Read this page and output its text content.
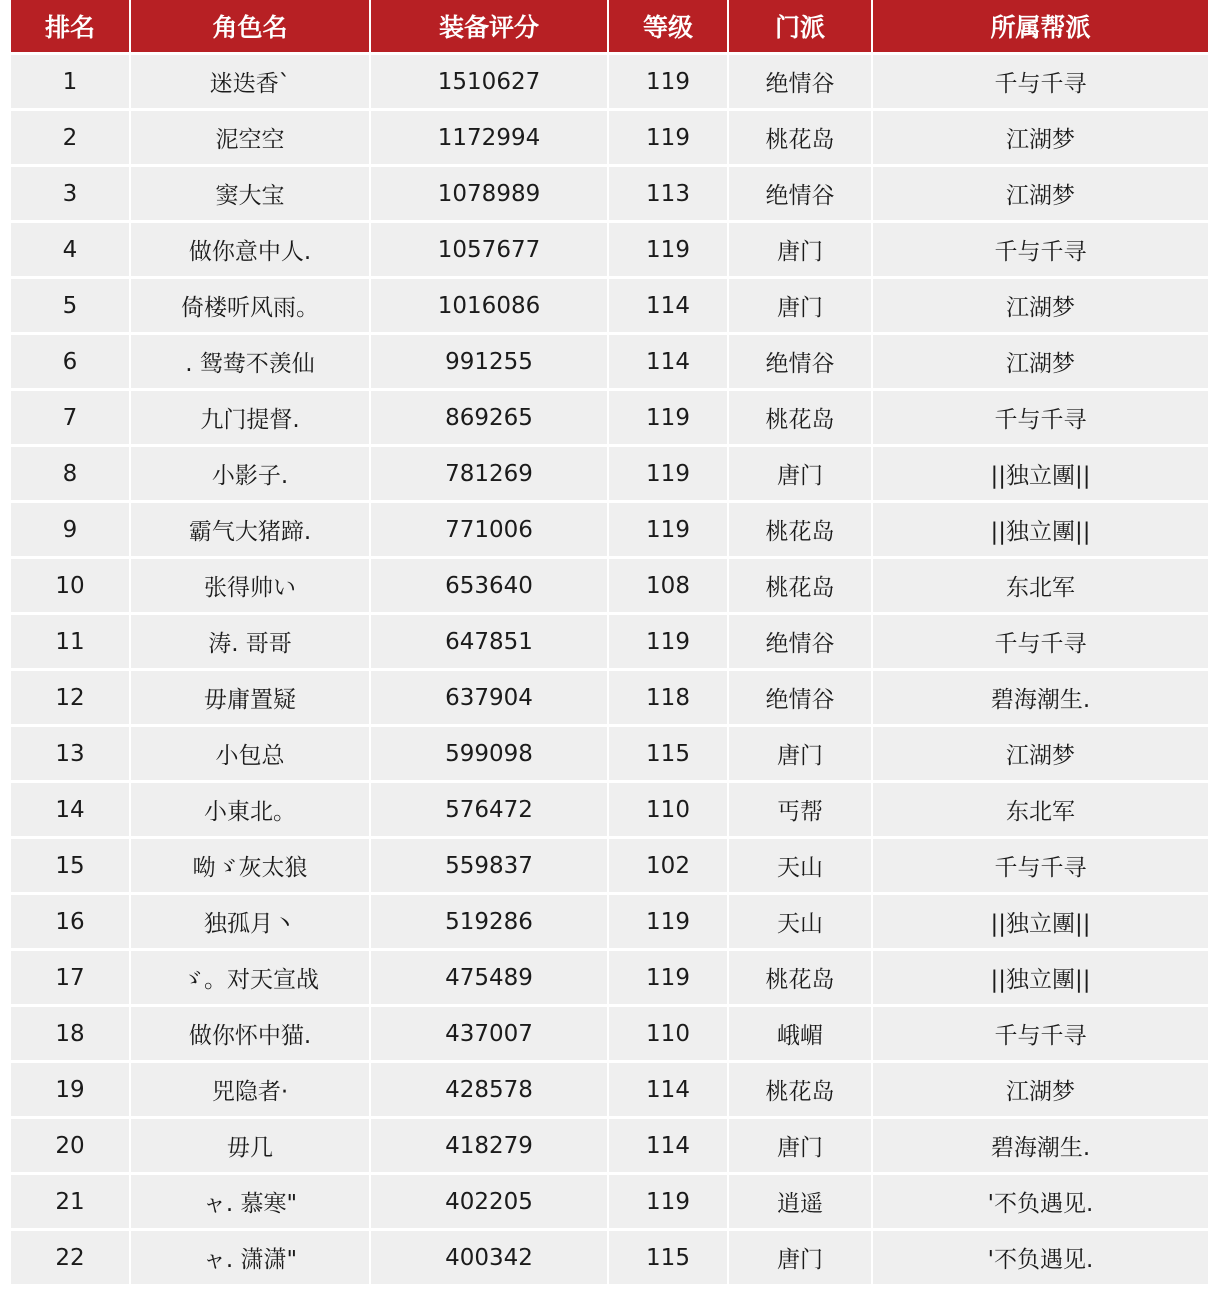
排名	角色名	装备评分	等级	门派	所属帮派
1	迷迭香`	1510627	119	绝情谷	千与千寻
2	泥空空	1172994	119	桃花岛	江湖梦
3	窦大宝	1078989	113	绝情谷	江湖梦
4	做你意中人.	1057677	119	唐门	千与千寻
5	倚楼听风雨。	1016086	114	唐门	江湖梦
6	. 鸳鸯不羡仙	991255	114	绝情谷	江湖梦
7	九门提督.	869265	119	桃花岛	千与千寻
8	小影子.	781269	119	唐门	||独立團||
9	霸气大猪蹄.	771006	119	桃花岛	||独立團||
10	张得帅い	653640	108	桃花岛	东北军
11	涛. 哥哥	647851	119	绝情谷	千与千寻
12	毋庸置疑	637904	118	绝情谷	碧海潮生.
13	小包总	599098	115	唐门	江湖梦
14	小東北。	576472	110	丐帮	东北军
15	呦ゞ灰太狼	559837	102	天山	千与千寻
16	独孤月丶	519286	119	天山	||独立團||
17	ゞ。对天宣战	475489	119	桃花岛	||独立團||
18	做你怀中猫.	437007	110	峨嵋	千与千寻
19	兕隐者·	428578	114	桃花岛	江湖梦
20	毋几	418279	114	唐门	碧海潮生.
21	ャ. 慕寒"	402205	119	逍遥	'不负遇见.
22	ャ. 潇潇"	400342	115	唐门	'不负遇见.
